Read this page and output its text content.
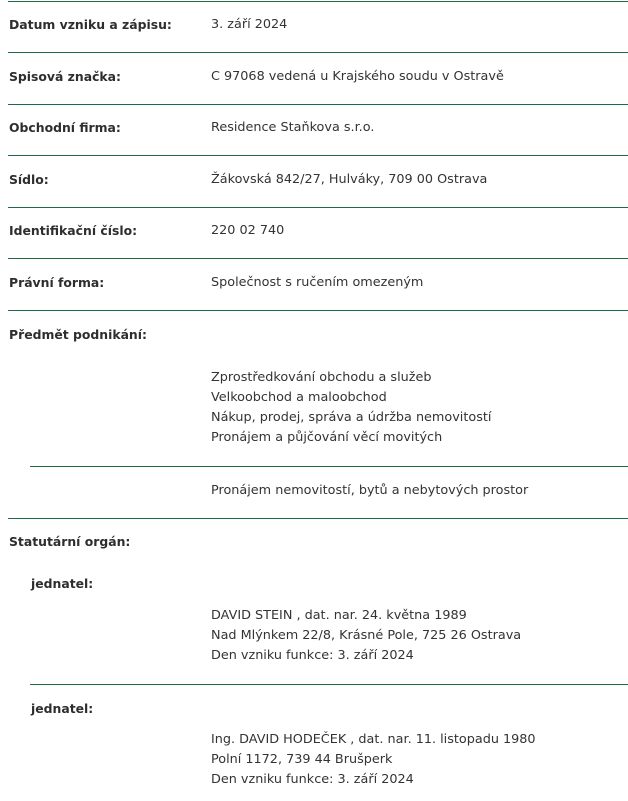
Datum vzniku a zápisu:	3. září 2024
Spisová značka:	C 97068 vedená u Krajského soudu v Ostravě
Obchodní firma:	Residence Staňkova s.r.o.
Sídlo:	Žákovská 842/27, Hulváky, 709 00 Ostrava
Identifikační číslo:	220 02 740
Právní forma:	Společnost s ručením omezeným
Předmět podnikání:
Zprostředkování obchodu a služeb
Velkoobchod a maloobchod
Nákup, prodej, správa a údržba nemovitostí
Pronájem a půjčování věcí movitých
Pronájem nemovitostí, bytů a nebytových prostor
Statutární orgán:
jednatel:
DAVID STEIN , dat. nar. 24. května 1989
Nad Mlýnkem 22/8, Krásné Pole, 725 26 Ostrava
Den vzniku funkce: 3. září 2024
jednatel:
Ing. DAVID HODEČEK , dat. nar. 11. listopadu 1980
Polní 1172, 739 44 Brušperk
Den vzniku funkce: 3. září 2024
